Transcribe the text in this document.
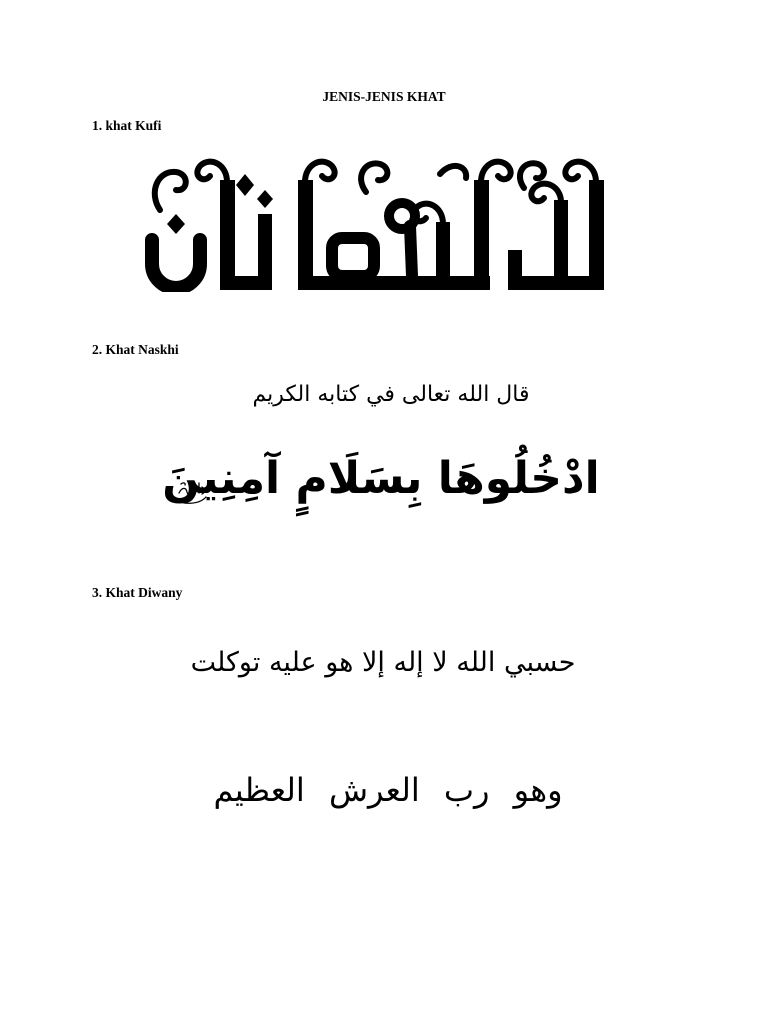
JENIS-JENIS KHAT
1. khat Kufi
2. Khat Naskhi
قال الله تعالى في كتابه الكريم
ادْخُلُوهَا بِسَلَامٍ آمِنِينَ
3. Khat Diwany
حسبي الله لا إله إلا هو عليه توكلت
وهو رب العرش العظيم
